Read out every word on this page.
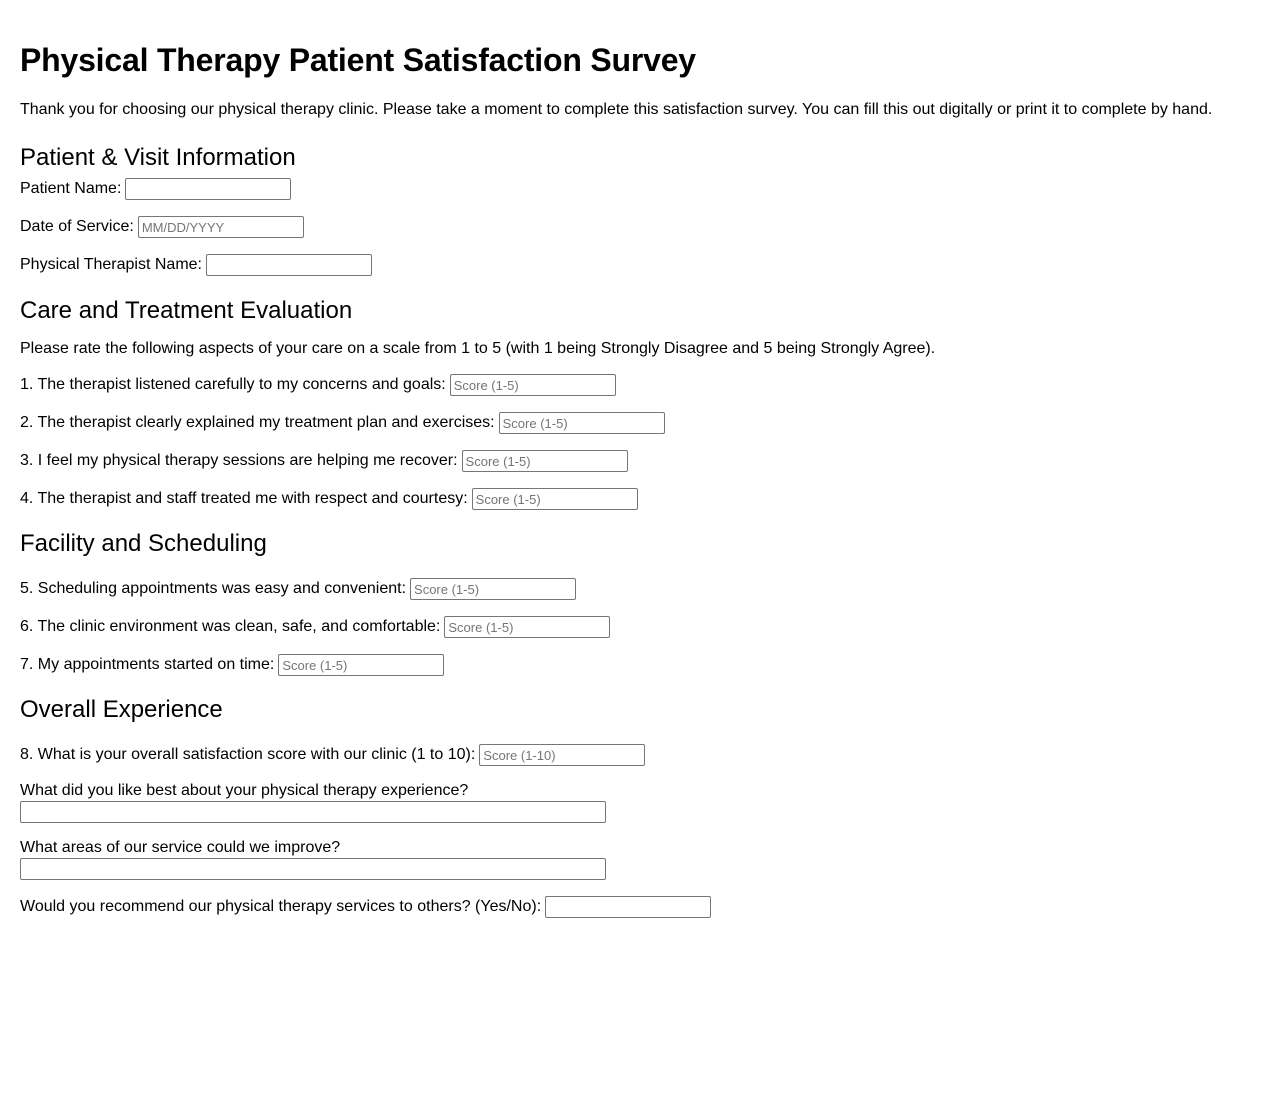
Physical Therapy Patient Satisfaction Survey

Thank you for choosing our physical therapy clinic. Please take a moment to complete this satisfaction survey. You can fill this out digitally or print it to complete by hand.

Patient & Visit Information
Patient Name:
Date of Service:
MM/DD/YYYY
Physical Therapist Name:
Care and Treatment Evaluation

Please rate the following aspects of your care on a scale from 1 to 5 (with 1 being Strongly Disagree and 5 being Strongly Agree).

1. The therapist listened carefully to my concerns and goals:
Score (1-5)
2. The therapist clearly explained my treatment plan and exercises:
Score (1-5)
3. I feel my physical therapy sessions are helping me recover:
Score (1-5)
4. The therapist and staff treated me with respect and courtesy:
Score (1-5)
Facility and Scheduling
5. Scheduling appointments was easy and convenient:
Score (1-5)
6. The clinic environment was clean, safe, and comfortable:
Score (1-5)
7. My appointments started on time:
Score (1-5)
Overall Experience
8. What is your overall satisfaction score with our clinic (1 to 10):
Score (1-10)
What did you like best about your physical therapy experience?
What areas of our service could we improve?
Would you recommend our physical therapy services to others? (Yes/No):
